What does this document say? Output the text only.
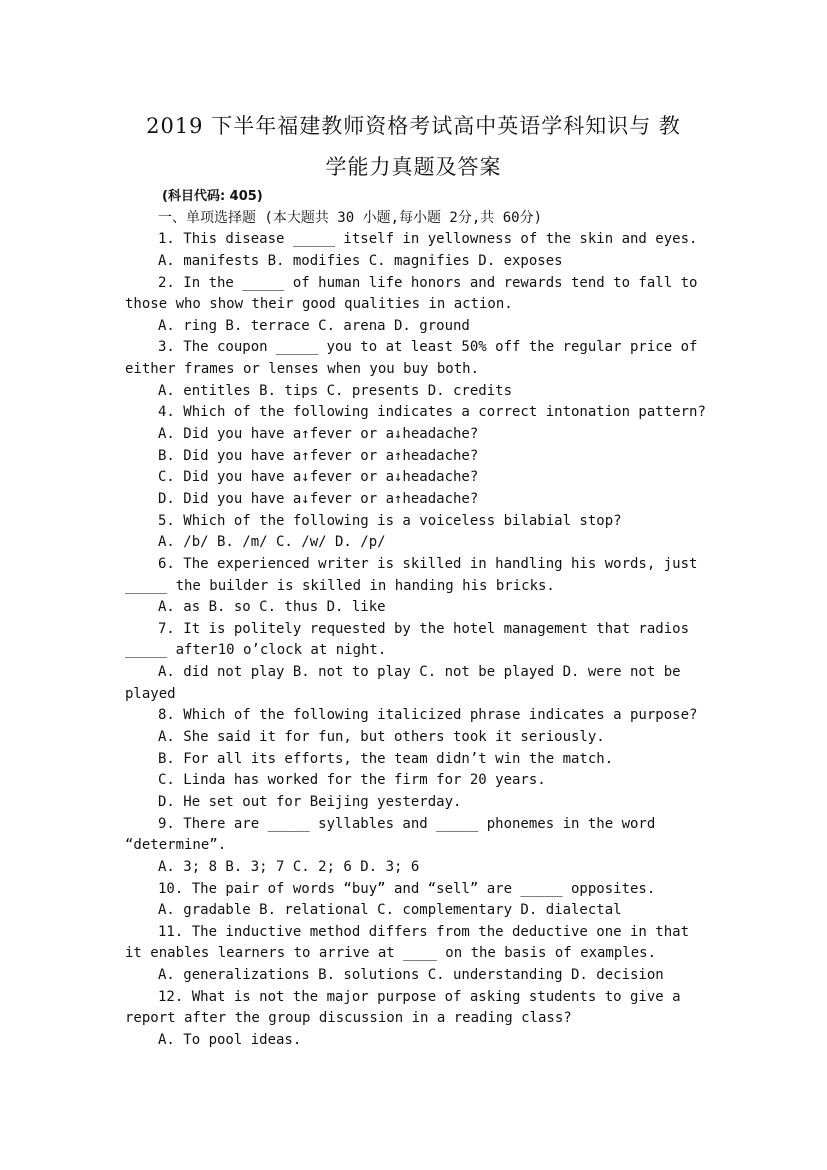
2019 下半年福建教师资格考试高中英语学科知识与 教
学能力真题及答案
(科目代码: 405)
一、单项选择题 (本大题共 30 小题,每小题 2分,共 60分)
1. This disease _____ itself in yellowness of the skin and eyes.
A. manifests B. modifies C. magnifies D. exposes
2. In the _____ of human life honors and rewards tend to fall to
those who show their good qualities in action.
A. ring B. terrace C. arena D. ground
3. The coupon _____ you to at least 50% off the regular price of
either frames or lenses when you buy both.
A. entitles B. tips C. presents D. credits
4. Which of the following indicates a correct intonation pattern?
A. Did you have a↑fever or a↓headache?
B. Did you have a↑fever or a↑headache?
C. Did you have a↓fever or a↓headache?
D. Did you have a↓fever or a↑headache?
5. Which of the following is a voiceless bilabial stop?
A. /b/ B. /m/ C. /w/ D. /p/
6. The experienced writer is skilled in handling his words, just
_____ the builder is skilled in handing his bricks.
A. as B. so C. thus D. like
7. It is politely requested by the hotel management that radios
_____ after10 o’clock at night.
A. did not play B. not to play C. not be played D. were not be
played
8. Which of the following italicized phrase indicates a purpose?
A. She said it for fun, but others took it seriously.
B. For all its efforts, the team didn’t win the match.
C. Linda has worked for the firm for 20 years.
D. He set out for Beijing yesterday.
9. There are _____ syllables and _____ phonemes in the word
“determine”.
A. 3; 8 B. 3; 7 C. 2; 6 D. 3; 6
10. The pair of words “buy” and “sell” are _____ opposites.
A. gradable B. relational C. complementary D. dialectal
11. The inductive method differs from the deductive one in that
it enables learners to arrive at ____ on the basis of examples.
A. generalizations B. solutions C. understanding D. decision
12. What is not the major purpose of asking students to give a
report after the group discussion in a reading class?
A. To pool ideas.
